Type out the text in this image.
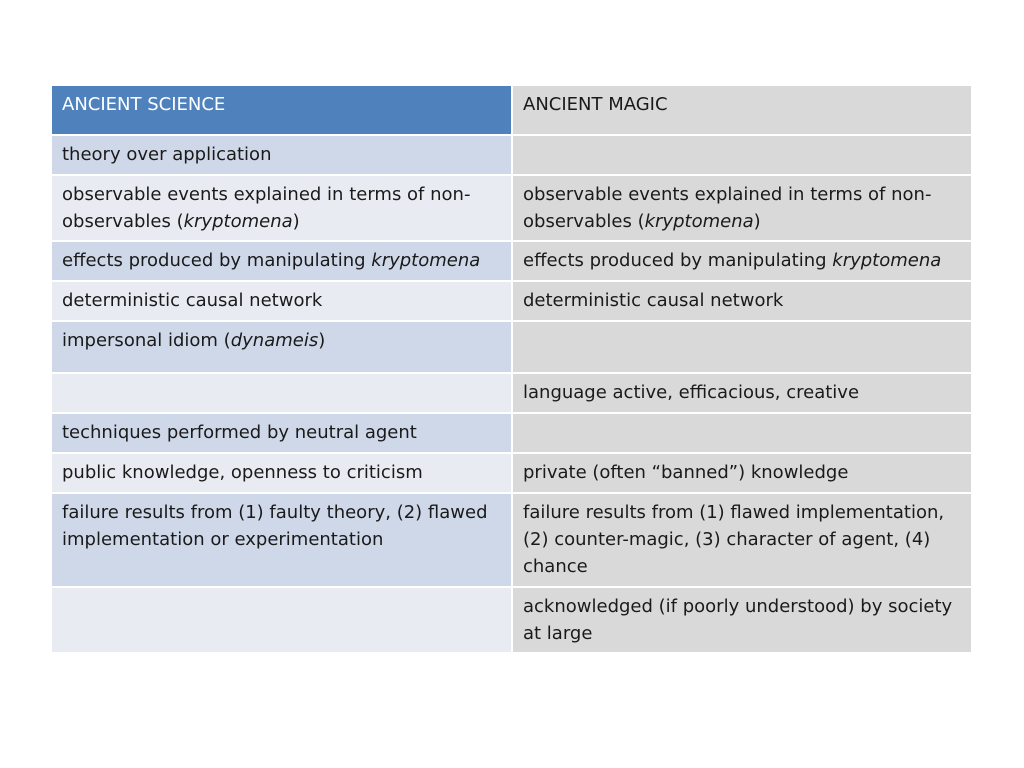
ANCIENT SCIENCE	ANCIENT MAGIC
theory over application	
observable events explained in terms of non-observables (kryptomena)	observable events explained in terms of non-observables (kryptomena)
effects produced by manipulating kryptomena	effects produced by manipulating kryptomena
deterministic causal network	deterministic causal network
impersonal idiom (dynameis)	
	language active, efficacious, creative
techniques performed by neutral agent	
public knowledge, openness to criticism	private (often “banned”) knowledge
failure results from (1) faulty theory, (2) flawed implementation or experimentation	failure results from (1) flawed implementation, (2) counter-magic, (3) character of agent, (4) chance
	acknowledged (if poorly understood) by society at large
